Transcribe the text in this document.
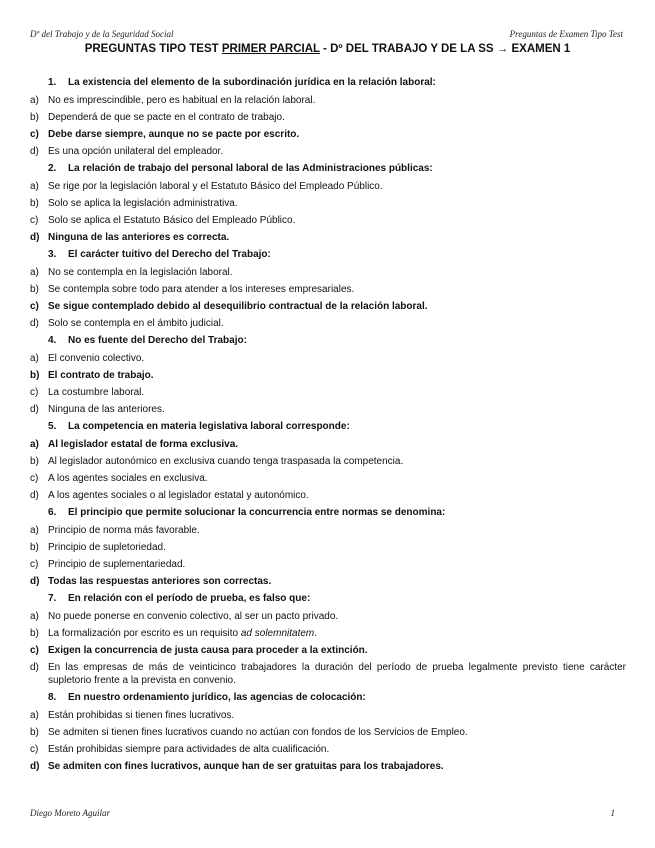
Dº del Trabajo y de la Seguridad Social	Preguntas de Examen Tipo Test
PREGUNTAS TIPO TEST PRIMER PARCIAL - Dº DEL TRABAJO Y DE LA SS → EXAMEN 1
1.	La existencia del elemento de la subordinación jurídica en la relación laboral:
a) No es imprescindible, pero es habitual en la relación laboral.
b) Dependerá de que se pacte en el contrato de trabajo.
c) Debe darse siempre, aunque no se pacte por escrito.
d) Es una opción unilateral del empleador.
2.	La relación de trabajo del personal laboral de las Administraciones públicas:
a) Se rige por la legislación laboral y el Estatuto Básico del Empleado Público.
b) Solo se aplica la legislación administrativa.
c) Solo se aplica el Estatuto Básico del Empleado Público.
d) Ninguna de las anteriores es correcta.
3.	El carácter tuitivo del Derecho del Trabajo:
a) No se contempla en la legislación laboral.
b) Se contempla sobre todo para atender a los intereses empresariales.
c) Se sigue contemplado debido al desequilibrio contractual de la relación laboral.
d) Solo se contempla en el ámbito judicial.
4.	No es fuente del Derecho del Trabajo:
a) El convenio colectivo.
b) El contrato de trabajo.
c) La costumbre laboral.
d) Ninguna de las anteriores.
5.	La competencia en materia legislativa laboral corresponde:
a) Al legislador estatal de forma exclusiva.
b) Al legislador autonómico en exclusiva cuando tenga traspasada la competencia.
c) A los agentes sociales en exclusiva.
d) A los agentes sociales o al legislador estatal y autonómico.
6.	El principio que permite solucionar la concurrencia entre normas se denomina:
a) Principio de norma más favorable.
b) Principio de supletoriedad.
c) Principio de suplementariedad.
d) Todas las respuestas anteriores son correctas.
7.	En relación con el período de prueba, es falso que:
a) No puede ponerse en convenio colectivo, al ser un pacto privado.
b) La formalización por escrito es un requisito ad solemnitatem.
c) Exigen la concurrencia de justa causa para proceder a la extinción.
d) En las empresas de más de veinticinco trabajadores la duración del período de prueba legalmente previsto tiene carácter supletorio frente a la prevista en convenio.
8.	En nuestro ordenamiento jurídico, las agencias de colocación:
a) Están prohibidas si tienen fines lucrativos.
b) Se admiten si tienen fines lucrativos cuando no actúan con fondos de los Servicios de Empleo.
c) Están prohibidas siempre para actividades de alta cualificación.
d) Se admiten con fines lucrativos, aunque han de ser gratuitas para los trabajadores.
Diego Moreto Aguilar	1
